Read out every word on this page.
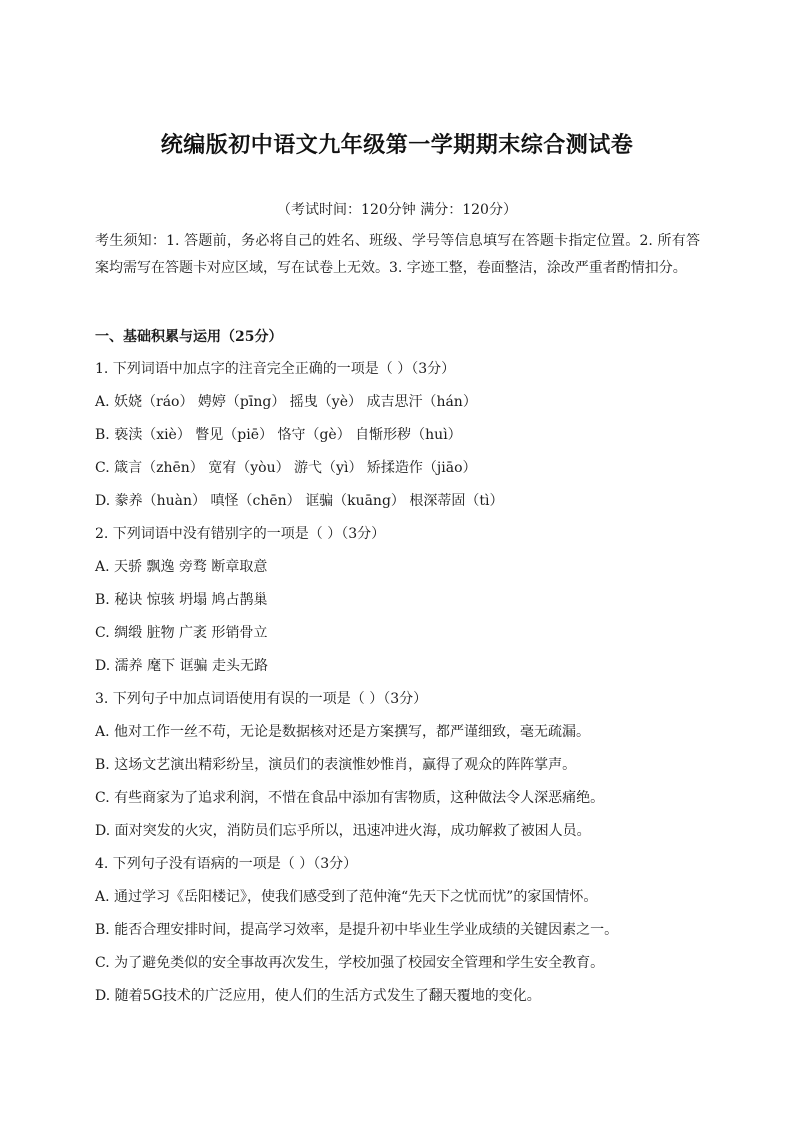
统编版初中语文九年级第一学期期末综合测试卷
（考试时间：120分钟 满分：120分）
考生须知：1. 答题前，务必将自己的姓名、班级、学号等信息填写在答题卡指定位置。2. 所有答案均需写在答题卡对应区域，写在试卷上无效。3. 字迹工整，卷面整洁，涂改严重者酌情扣分。
一、基础积累与运用（25分）
1. 下列词语中加点字的注音完全正确的一项是（ ）（3分）
A. 妖娆（ráo） 娉婷（pīng） 摇曳（yè） 成吉思汗（hán）
B. 亵渎（xiè） 瞥见（piē） 恪守（gè） 自惭形秽（huì）
C. 箴言（zhēn） 宽宥（yòu） 游弋（yì） 矫揉造作（jiāo）
D. 豢养（huàn） 嗔怪（chēn） 诓骗（kuāng） 根深蒂固（tì）
2. 下列词语中没有错别字的一项是（ ）（3分）
A. 天骄 飘逸 旁骛 断章取意
B. 秘诀 惊骇 坍塌 鸠占鹊巢
C. 绸缎 脏物 广袤 形销骨立
D. 濡养 麾下 诓骗 走头无路
3. 下列句子中加点词语使用有误的一项是（ ）（3分）
A. 他对工作一丝不苟，无论是数据核对还是方案撰写，都严谨细致，毫无疏漏。
B. 这场文艺演出精彩纷呈，演员们的表演惟妙惟肖，赢得了观众的阵阵掌声。
C. 有些商家为了追求利润，不惜在食品中添加有害物质，这种做法令人深恶痛绝。
D. 面对突发的火灾，消防员们忘乎所以，迅速冲进火海，成功解救了被困人员。
4. 下列句子没有语病的一项是（ ）（3分）
A. 通过学习《岳阳楼记》，使我们感受到了范仲淹“先天下之忧而忧”的家国情怀。
B. 能否合理安排时间，提高学习效率，是提升初中毕业生学业成绩的关键因素之一。
C. 为了避免类似的安全事故再次发生，学校加强了校园安全管理和学生安全教育。
D. 随着5G技术的广泛应用，使人们的生活方式发生了翻天覆地的变化。
